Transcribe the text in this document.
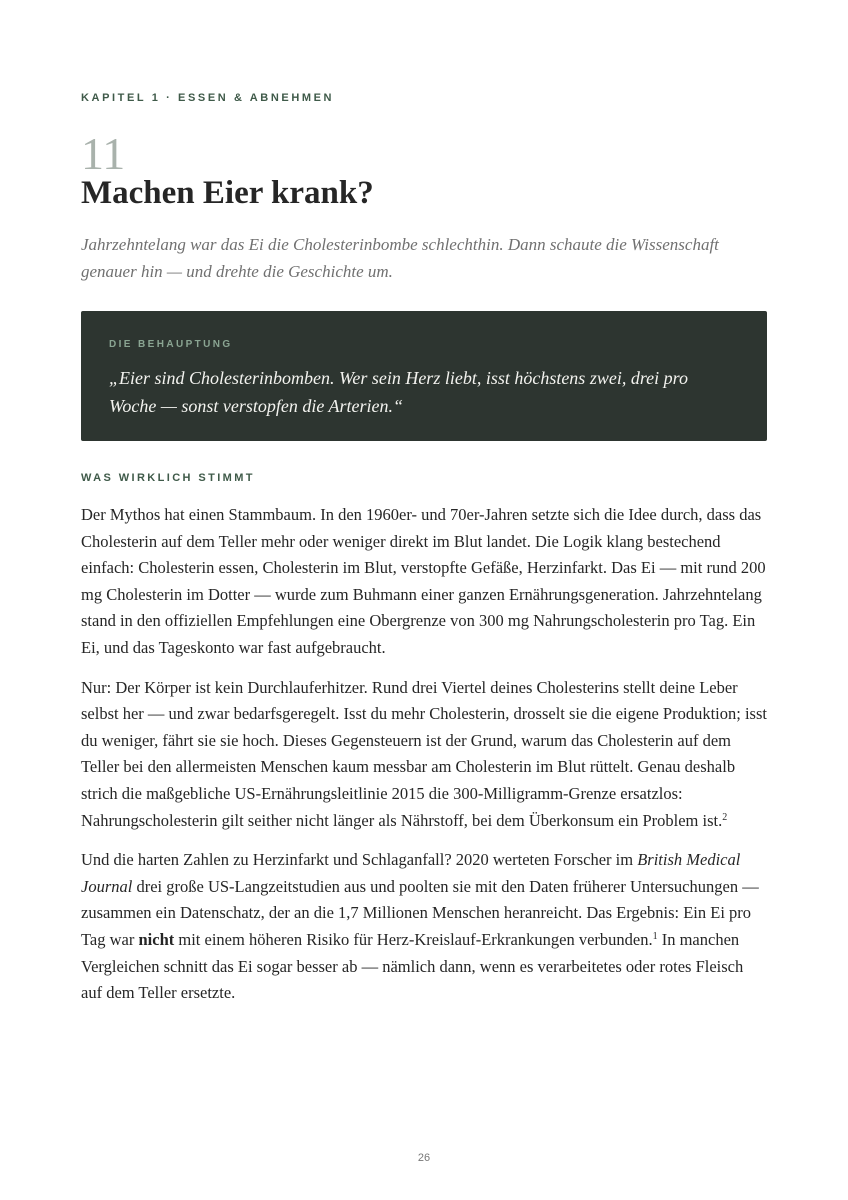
KAPITEL 1 · ESSEN & ABNEHMEN
11
Machen Eier krank?

Jahrzehntelang war das Ei die Cholesterinbombe schlechthin. Dann schaute die Wissenschaft genauer hin — und drehte die Geschichte um.

DIE BEHAUPTUNG
„Eier sind Cholesterinbomben. Wer sein Herz liebt, isst höchstens zwei, drei pro Woche — sonst verstopfen die Arterien.“
WAS WIRKLICH STIMMT

Der Mythos hat einen Stammbaum. In den 1960er- und 70er-Jahren setzte sich die Idee durch, dass das Cholesterin auf dem Teller mehr oder weniger direkt im Blut landet. Die Logik klang bestechend einfach: Cholesterin essen, Cholesterin im Blut, verstopfte Gefäße, Herzinfarkt. Das Ei — mit rund 200 mg Cholesterin im Dotter — wurde zum Buhmann einer ganzen Ernährungsgeneration. Jahrzehntelang stand in den offiziellen Empfehlungen eine Obergrenze von 300 mg Nahrungscholesterin pro Tag. Ein Ei, und das Tageskonto war fast aufgebraucht.

Nur: Der Körper ist kein Durchlauferhitzer. Rund drei Viertel deines Cholesterins stellt deine Leber selbst her — und zwar bedarfsgeregelt. Isst du mehr Cholesterin, drosselt sie die eigene Produktion; isst du weniger, fährt sie sie hoch. Dieses Gegensteuern ist der Grund, warum das Cholesterin auf dem Teller bei den allermeisten Menschen kaum messbar am Cholesterin im Blut rüttelt. Genau deshalb strich die maßgebliche US-Ernährungsleitlinie 2015 die 300-Milligramm-Grenze ersatzlos: Nahrungscholesterin gilt seither nicht länger als Nährstoff, bei dem Überkonsum ein Problem ist.$^2$

Und die harten Zahlen zu Herzinfarkt und Schlaganfall? 2020 werteten Forscher im British Medical Journal drei große US-Langzeitstudien aus und poolten sie mit den Daten früherer Untersuchungen — zusammen ein Datenschatz, der an die 1,7 Millionen Menschen heranreicht. Das Ergebnis: Ein Ei pro Tag war nicht mit einem höheren Risiko für Herz-Kreislauf-Erkrankungen verbunden.$^1$ In manchen Vergleichen schnitt das Ei sogar besser ab — nämlich dann, wenn es verarbeitetes oder rotes Fleisch auf dem Teller ersetzte.

26
